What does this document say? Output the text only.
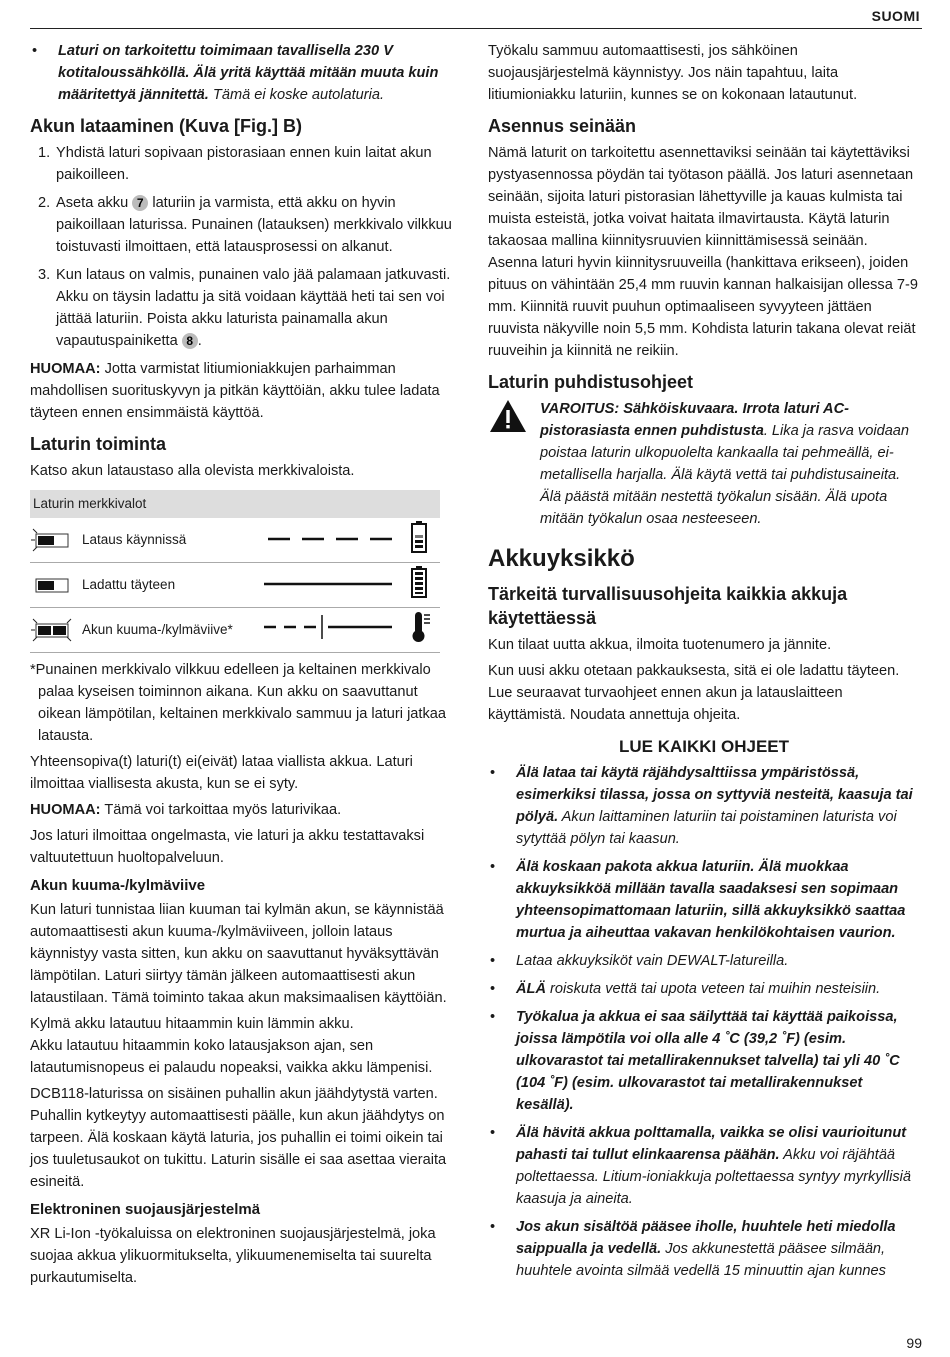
SUOMI
• Laturi on tarkoitettu toimimaan tavallisella 230 V kotitaloussähköllä. Älä yritä käyttää mitään muuta kuin määritettyä jännitettä. Tämä ei koske autolaturia.
Akun lataaminen (Kuva [Fig.] B)
1. Yhdistä laturi sopivaan pistorasiaan ennen kuin laitat akun paikoilleen.
2. Aseta akku 7 laturiin ja varmista, että akku on hyvin paikoillaan laturissa. Punainen (latauksen) merkkivalo vilkkuu toistuvasti ilmoittaen, että latausprosessi on alkanut.
3. Kun lataus on valmis, punainen valo jää palamaan jatkuvasti. Akku on täysin ladattu ja sitä voidaan käyttää heti tai sen voi jättää laturiin. Poista akku laturista painamalla akun vapautuspainiketta 8 .

HUOMAA: Jotta varmistat litiumioniakkujen parhaimman mahdollisen suorituskyvyn ja pitkän käyttöiän, akku tulee ladata täyteen ennen ensimmäistä käyttöä.

Laturin toiminta

Katso akun lataustaso alla olevista merkkivaloista.

Laturin merkkivalot
Lataus käynnissä
Ladattu täyteen
Akun kuuma-/kylmäviive*

*Punainen merkkivalo vilkkuu edelleen ja keltainen merkkivalo palaa kyseisen toiminnon aikana. Kun akku on saavuttanut oikean lämpötilan, keltainen merkkivalo sammuu ja laturi jatkaa latausta.

Yhteensopiva(t) laturi(t) ei(eivät) lataa viallista akkua. Laturi ilmoittaa viallisesta akusta, kun se ei syty.

HUOMAA: Tämä voi tarkoittaa myös laturivikaa.

Jos laturi ilmoittaa ongelmasta, vie laturi ja akku testattavaksi valtuutettuun huoltopalveluun.

Akun kuuma-/kylmäviive

Kun laturi tunnistaa liian kuuman tai kylmän akun, se käynnistää automaattisesti akun kuuma-/kylmäviiveen, jolloin lataus käynnistyy vasta sitten, kun akku on saavuttanut hyväksyttävän lämpötilan. Laturi siirtyy tämän jälkeen automaattisesti akun lataustilaan. Tämä toiminto takaa akun maksimaalisen käyttöiän.

Kylmä akku latautuu hitaammin kuin lämmin akku.

Akku latautuu hitaammin koko latausjakson ajan, sen latautumisnopeus ei palaudu nopeaksi, vaikka akku lämpenisi.

DCB118-laturissa on sisäinen puhallin akun jäähdytystä varten. Puhallin kytkeytyy automaattisesti päälle, kun akun jäähdytys on tarpeen. Älä koskaan käytä laturia, jos puhallin ei toimi oikein tai jos tuuletusaukot on tukittu. Laturin sisälle ei saa asettaa vieraita esineitä.

Elektroninen suojausjärjestelmä

XR Li-Ion -työkaluissa on elektroninen suojausjärjestelmä, joka suojaa akkua ylikuormitukselta, ylikuumenemiselta tai suurelta purkautumiselta.

Työkalu sammuu automaattisesti, jos sähköinen suojausjärjestelmä käynnistyy. Jos näin tapahtuu, laita litiumioniakku laturiin, kunnes se on kokonaan latautunut.

Asennus seinään

Nämä laturit on tarkoitettu asennettaviksi seinään tai käytettäviksi pystyasennossa pöydän tai työtason päällä. Jos laturi asennetaan seinään, sijoita laturi pistorasian lähettyville ja kauas kulmista tai muista esteistä, jotka voivat haitata ilmavirtausta. Käytä laturin takaosaa mallina kiinnitysruuvien kiinnittämisessä seinään. Asenna laturi hyvin kiinnitysruuveilla (hankittava erikseen), joiden pituus on vähintään 25,4 mm ruuvin kannan halkaisijan ollessa 7-9 mm. Kiinnitä ruuvit puuhun optimaaliseen syvyyteen jättäen ruuvista näkyville noin 5,5 mm. Kohdista laturin takana olevat reiät ruuveihin ja kiinnitä ne reikiin.

Laturin puhdistusohjeet
VAROITUS: Sähköiskuvaara. Irrota laturi AC-pistorasiasta ennen puhdistusta. Lika ja rasva voidaan poistaa laturin ulkopuolelta kankaalla tai pehmeällä, ei- metallisella harjalla. Älä käytä vettä tai puhdistusaineita. Älä päästä mitään nestettä työkalun sisään. Älä upota mitään työkalun osaa nesteeseen.
Akkuyksikkö
Tärkeitä turvallisuusohjeita kaikkia akkuja käytettäessä

Kun tilaat uutta akkua, ilmoita tuotenumero ja jännite.

Kun uusi akku otetaan pakkauksesta, sitä ei ole ladattu täyteen. Lue seuraavat turvaohjeet ennen akun ja latauslaitteen käyttämistä. Noudata annettuja ohjeita.

LUE KAIKKI OHJEET
• Älä lataa tai käytä räjähdysalttiissa ympäristössä, esimerkiksi tilassa, jossa on syttyviä nesteitä, kaasuja tai pölyä. Akun laittaminen laturiin tai poistaminen laturista voi sytyttää pölyn tai kaasun.
• Älä koskaan pakota akkua laturiin. Älä muokkaa akkuyksikköä millään tavalla saadaksesi sen sopimaan yhteensopimattomaan laturiin, sillä akkuyksikkö saattaa murtua ja aiheuttaa vakavan henkilökohtaisen vaurion.
• Lataa akkuyksiköt vain DEWALT-latureilla.
• ÄLÄ roiskuta vettä tai upota veteen tai muihin nesteisiin.
• Työkalua ja akkua ei saa säilyttää tai käyttää paikoissa, joissa lämpötila voi olla alle 4 ˚C (39,2 ˚F) (esim. ulkovarastot tai metallirakennukset talvella) tai yli 40 ˚C (104 ˚F) (esim. ulkovarastot tai metallirakennukset kesällä).
• Älä hävitä akkua polttamalla, vaikka se olisi vaurioitunut pahasti tai tullut elinkaarensa päähän. Akku voi räjähtää poltettaessa. Litium-ioniakkuja poltettaessa syntyy myrkyllisiä kaasuja ja aineita.
• Jos akun sisältöä pääsee iholle, huuhtele heti miedolla saippualla ja vedellä. Jos akkunestettä pääsee silmään, huuhtele avointa silmää vedellä 15 minuuttin ajan kunnes
99
